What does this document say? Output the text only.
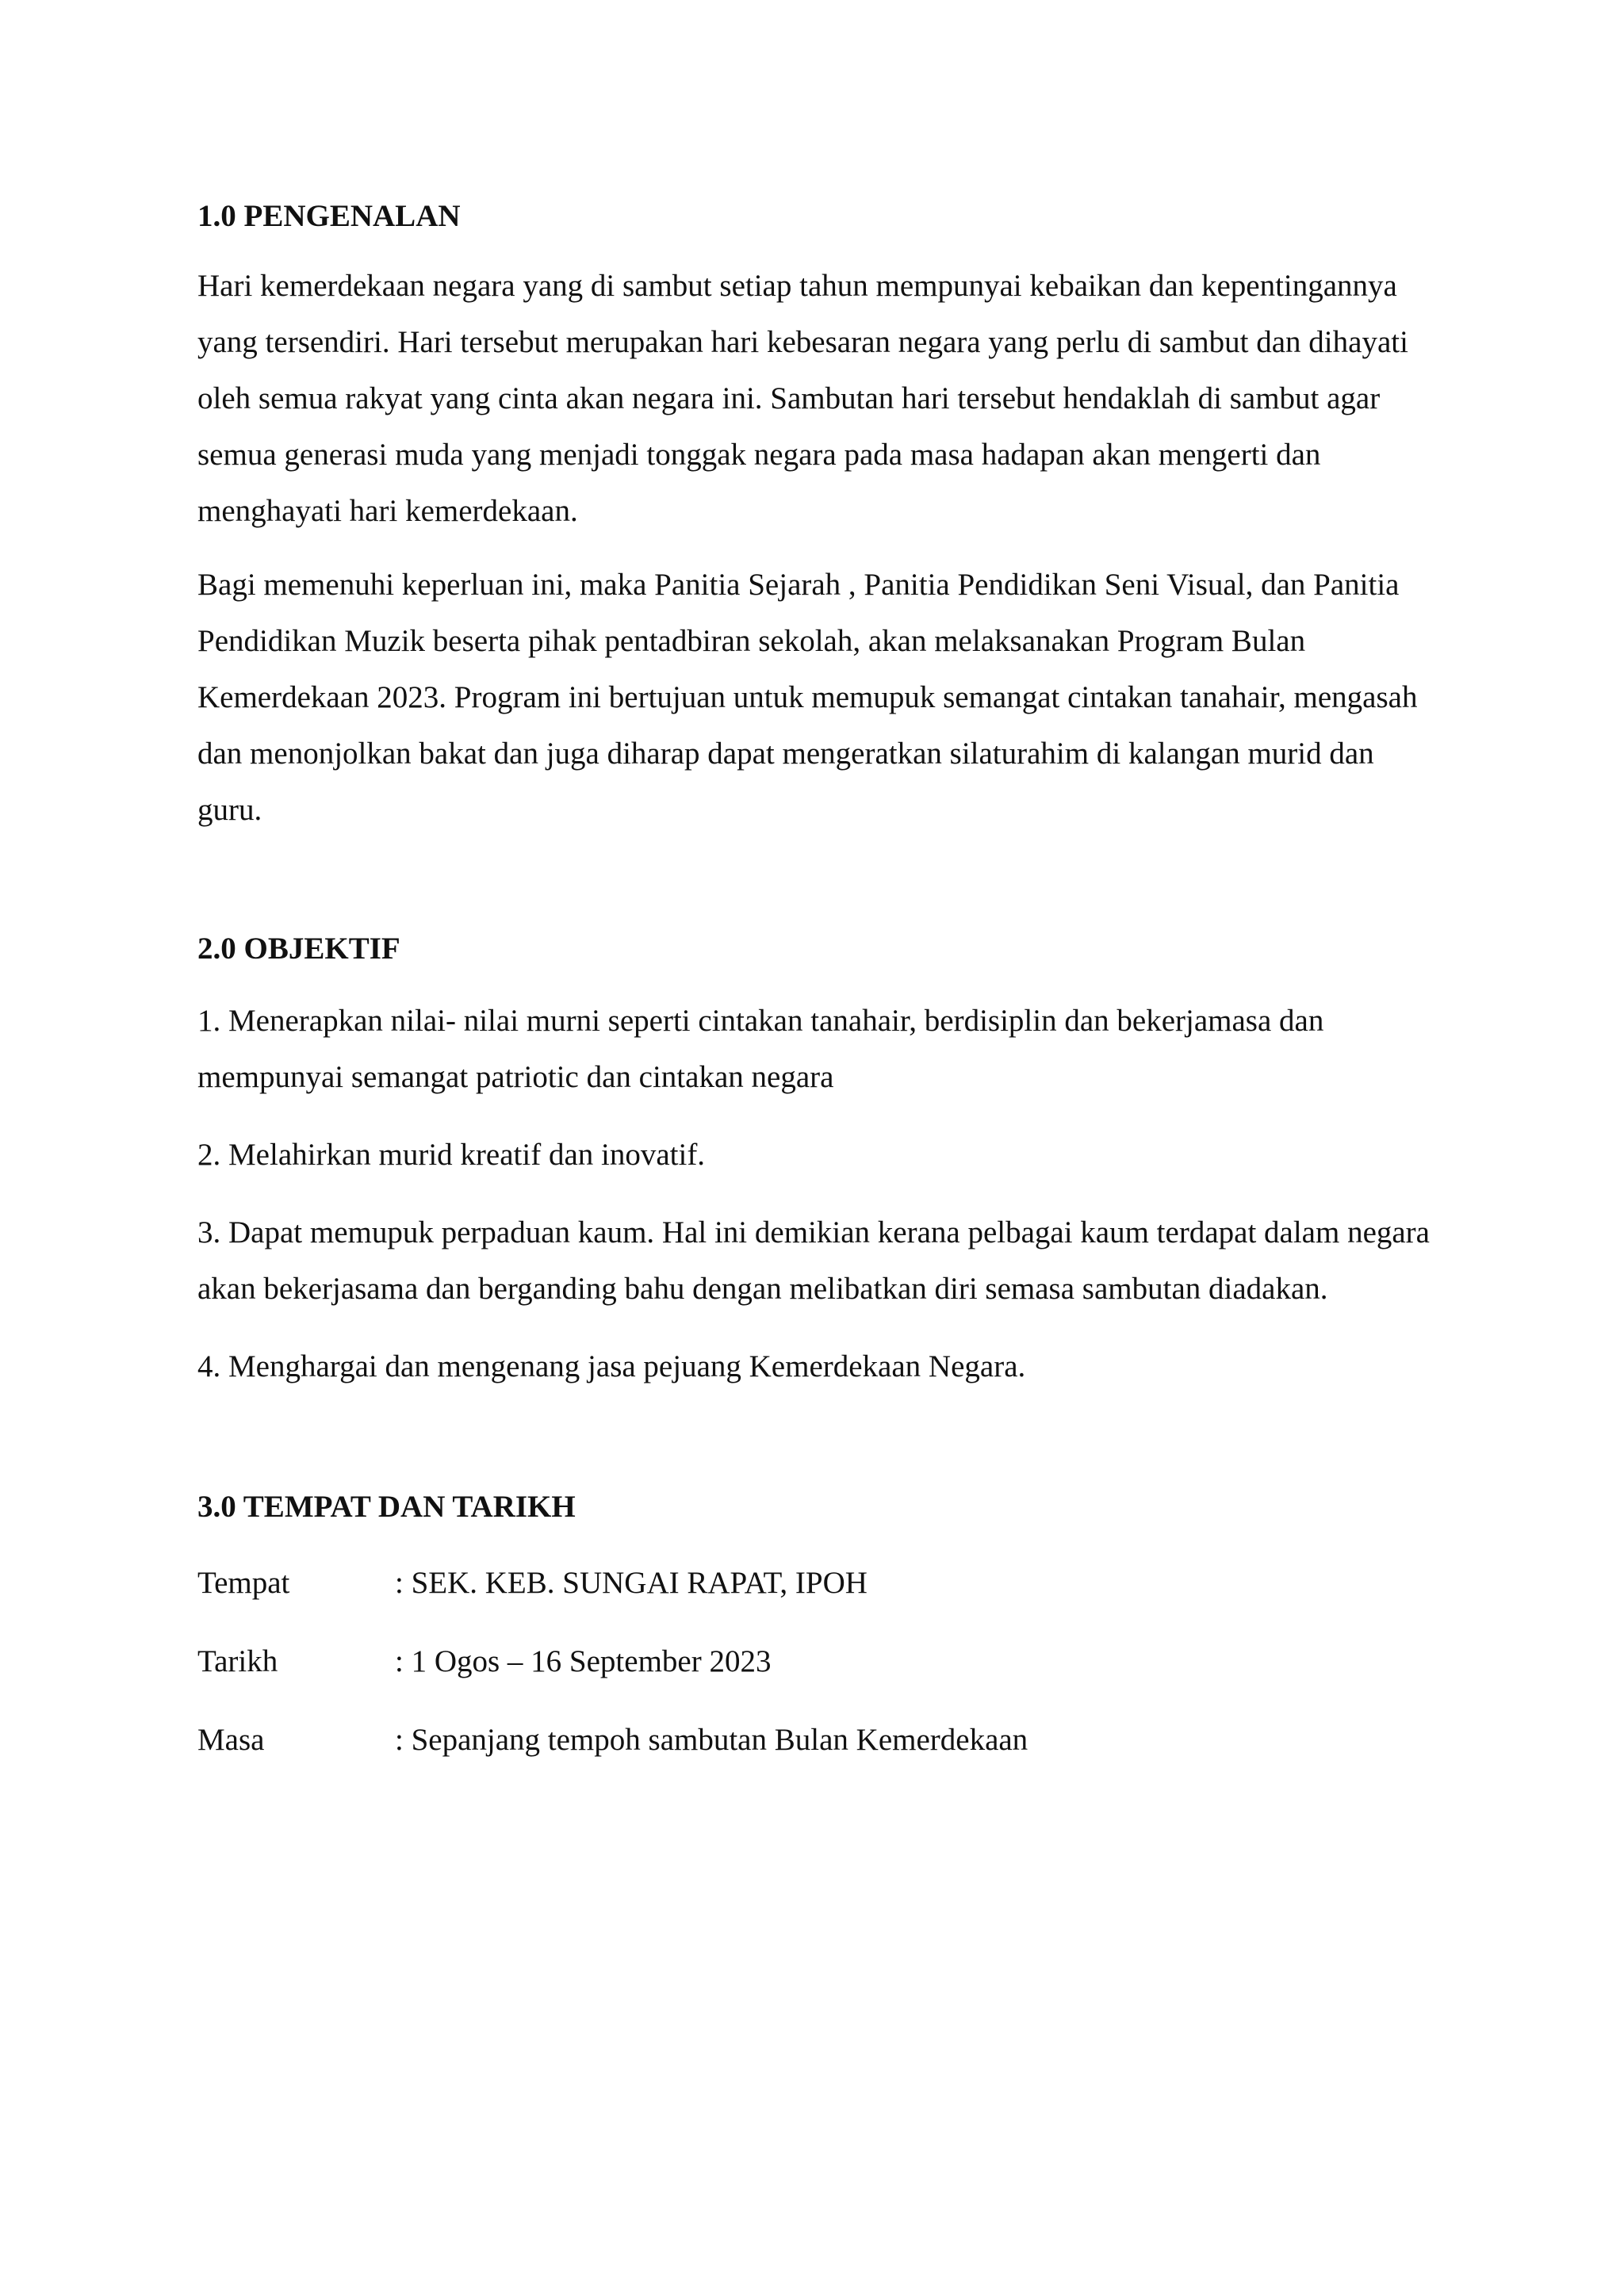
1.0 PENGENALAN

Hari kemerdekaan negara yang di sambut setiap tahun mempunyai kebaikan dan kepentingannya yang tersendiri. Hari tersebut merupakan hari kebesaran negara yang perlu di sambut dan dihayati oleh semua rakyat yang cinta akan negara ini. Sambutan hari tersebut hendaklah di sambut agar semua generasi muda yang menjadi tonggak negara pada masa hadapan akan mengerti dan menghayati hari kemerdekaan.

Bagi memenuhi keperluan ini, maka Panitia Sejarah , Panitia Pendidikan Seni Visual, dan Panitia Pendidikan Muzik beserta pihak pentadbiran sekolah, akan melaksanakan Program Bulan Kemerdekaan 2023. Program ini bertujuan untuk memupuk semangat cintakan tanahair, mengasah dan menonjolkan bakat dan juga diharap dapat mengeratkan silaturahim di kalangan murid dan guru.

2.0 OBJEKTIF

1. Menerapkan nilai- nilai murni seperti cintakan tanahair, berdisiplin dan bekerjamasa dan mempunyai semangat patriotic dan cintakan negara

2. Melahirkan murid kreatif dan inovatif.

3. Dapat memupuk perpaduan kaum. Hal ini demikian kerana pelbagai kaum terdapat dalam negara akan bekerjasama dan berganding bahu dengan melibatkan diri semasa sambutan diadakan.

4. Menghargai dan mengenang jasa pejuang Kemerdekaan Negara.

3.0 TEMPAT DAN TARIKH
Tempat	: SEK. KEB. SUNGAI RAPAT, IPOH
Tarikh	: 1 Ogos – 16 September 2023
Masa	: Sepanjang tempoh sambutan Bulan Kemerdekaan
